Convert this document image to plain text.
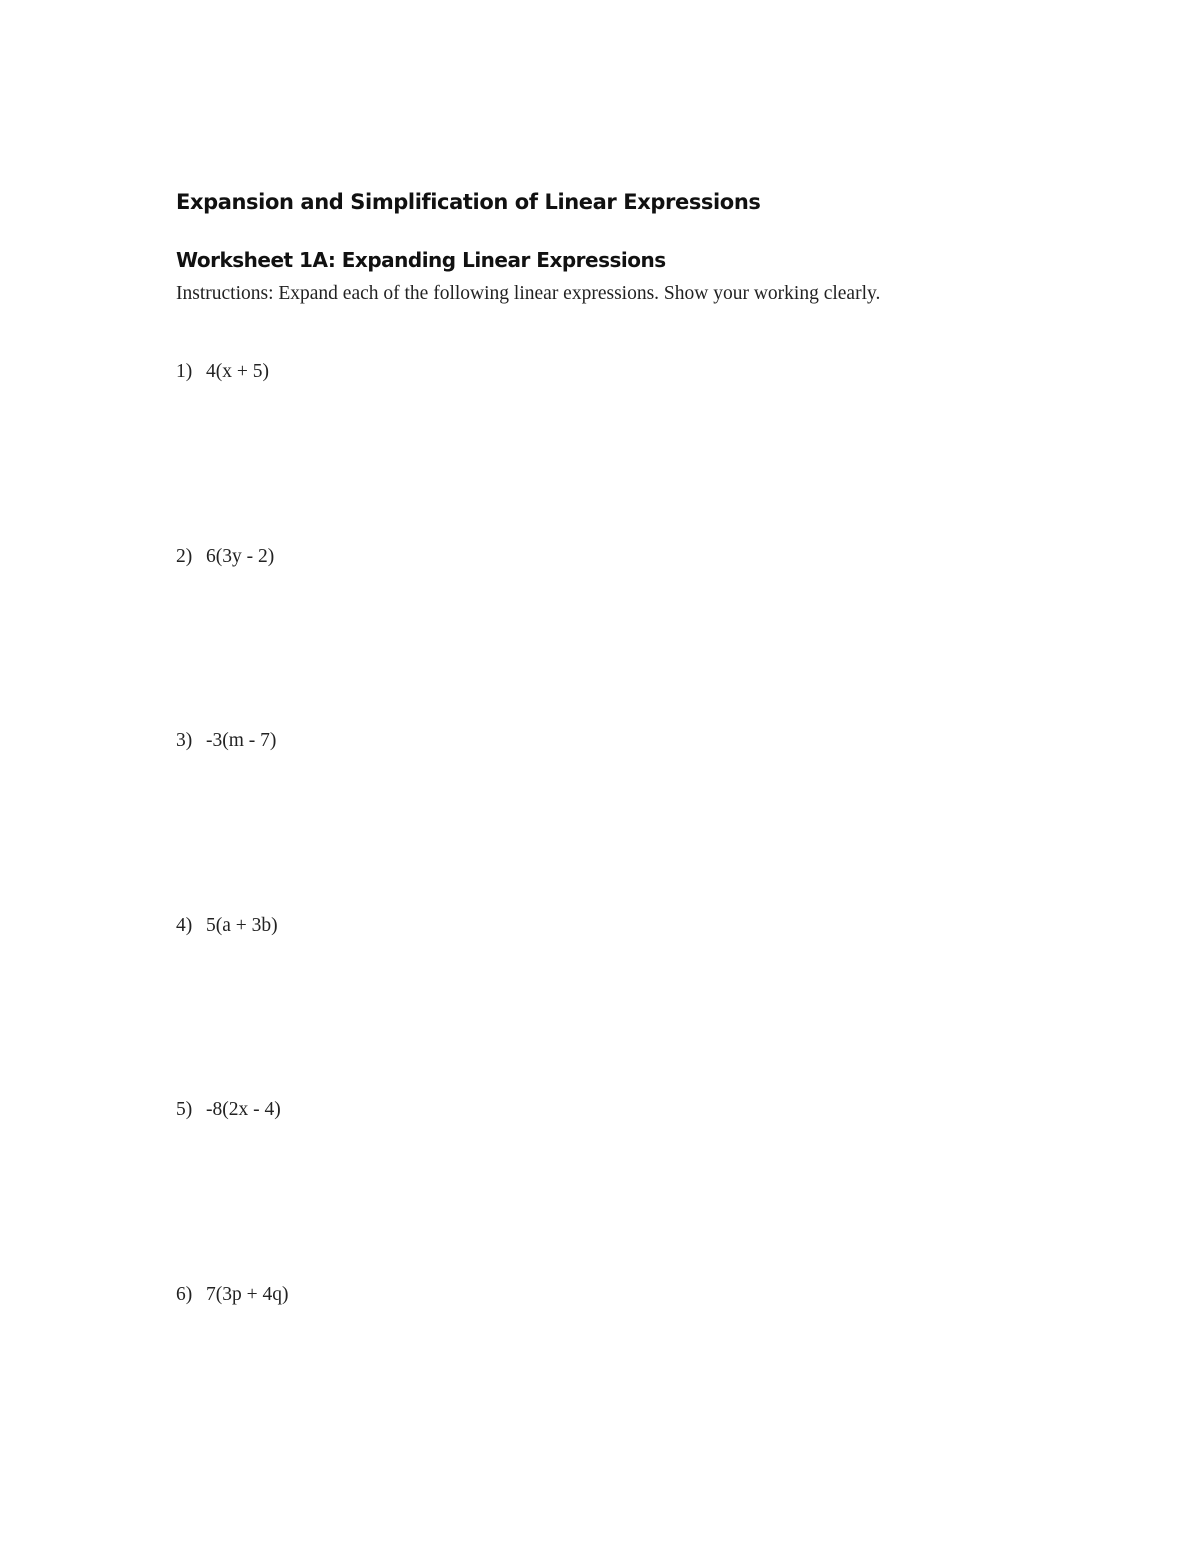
Expansion and Simplification of Linear Expressions
Worksheet 1A: Expanding Linear Expressions

Instructions: Expand each of the following linear expressions. Show your working clearly.

1) 4(x + 5)

2) 6(3y - 2)

3) -3(m - 7)

4) 5(a + 3b)

5) -8(2x - 4)

6) 7(3p + 4q)
